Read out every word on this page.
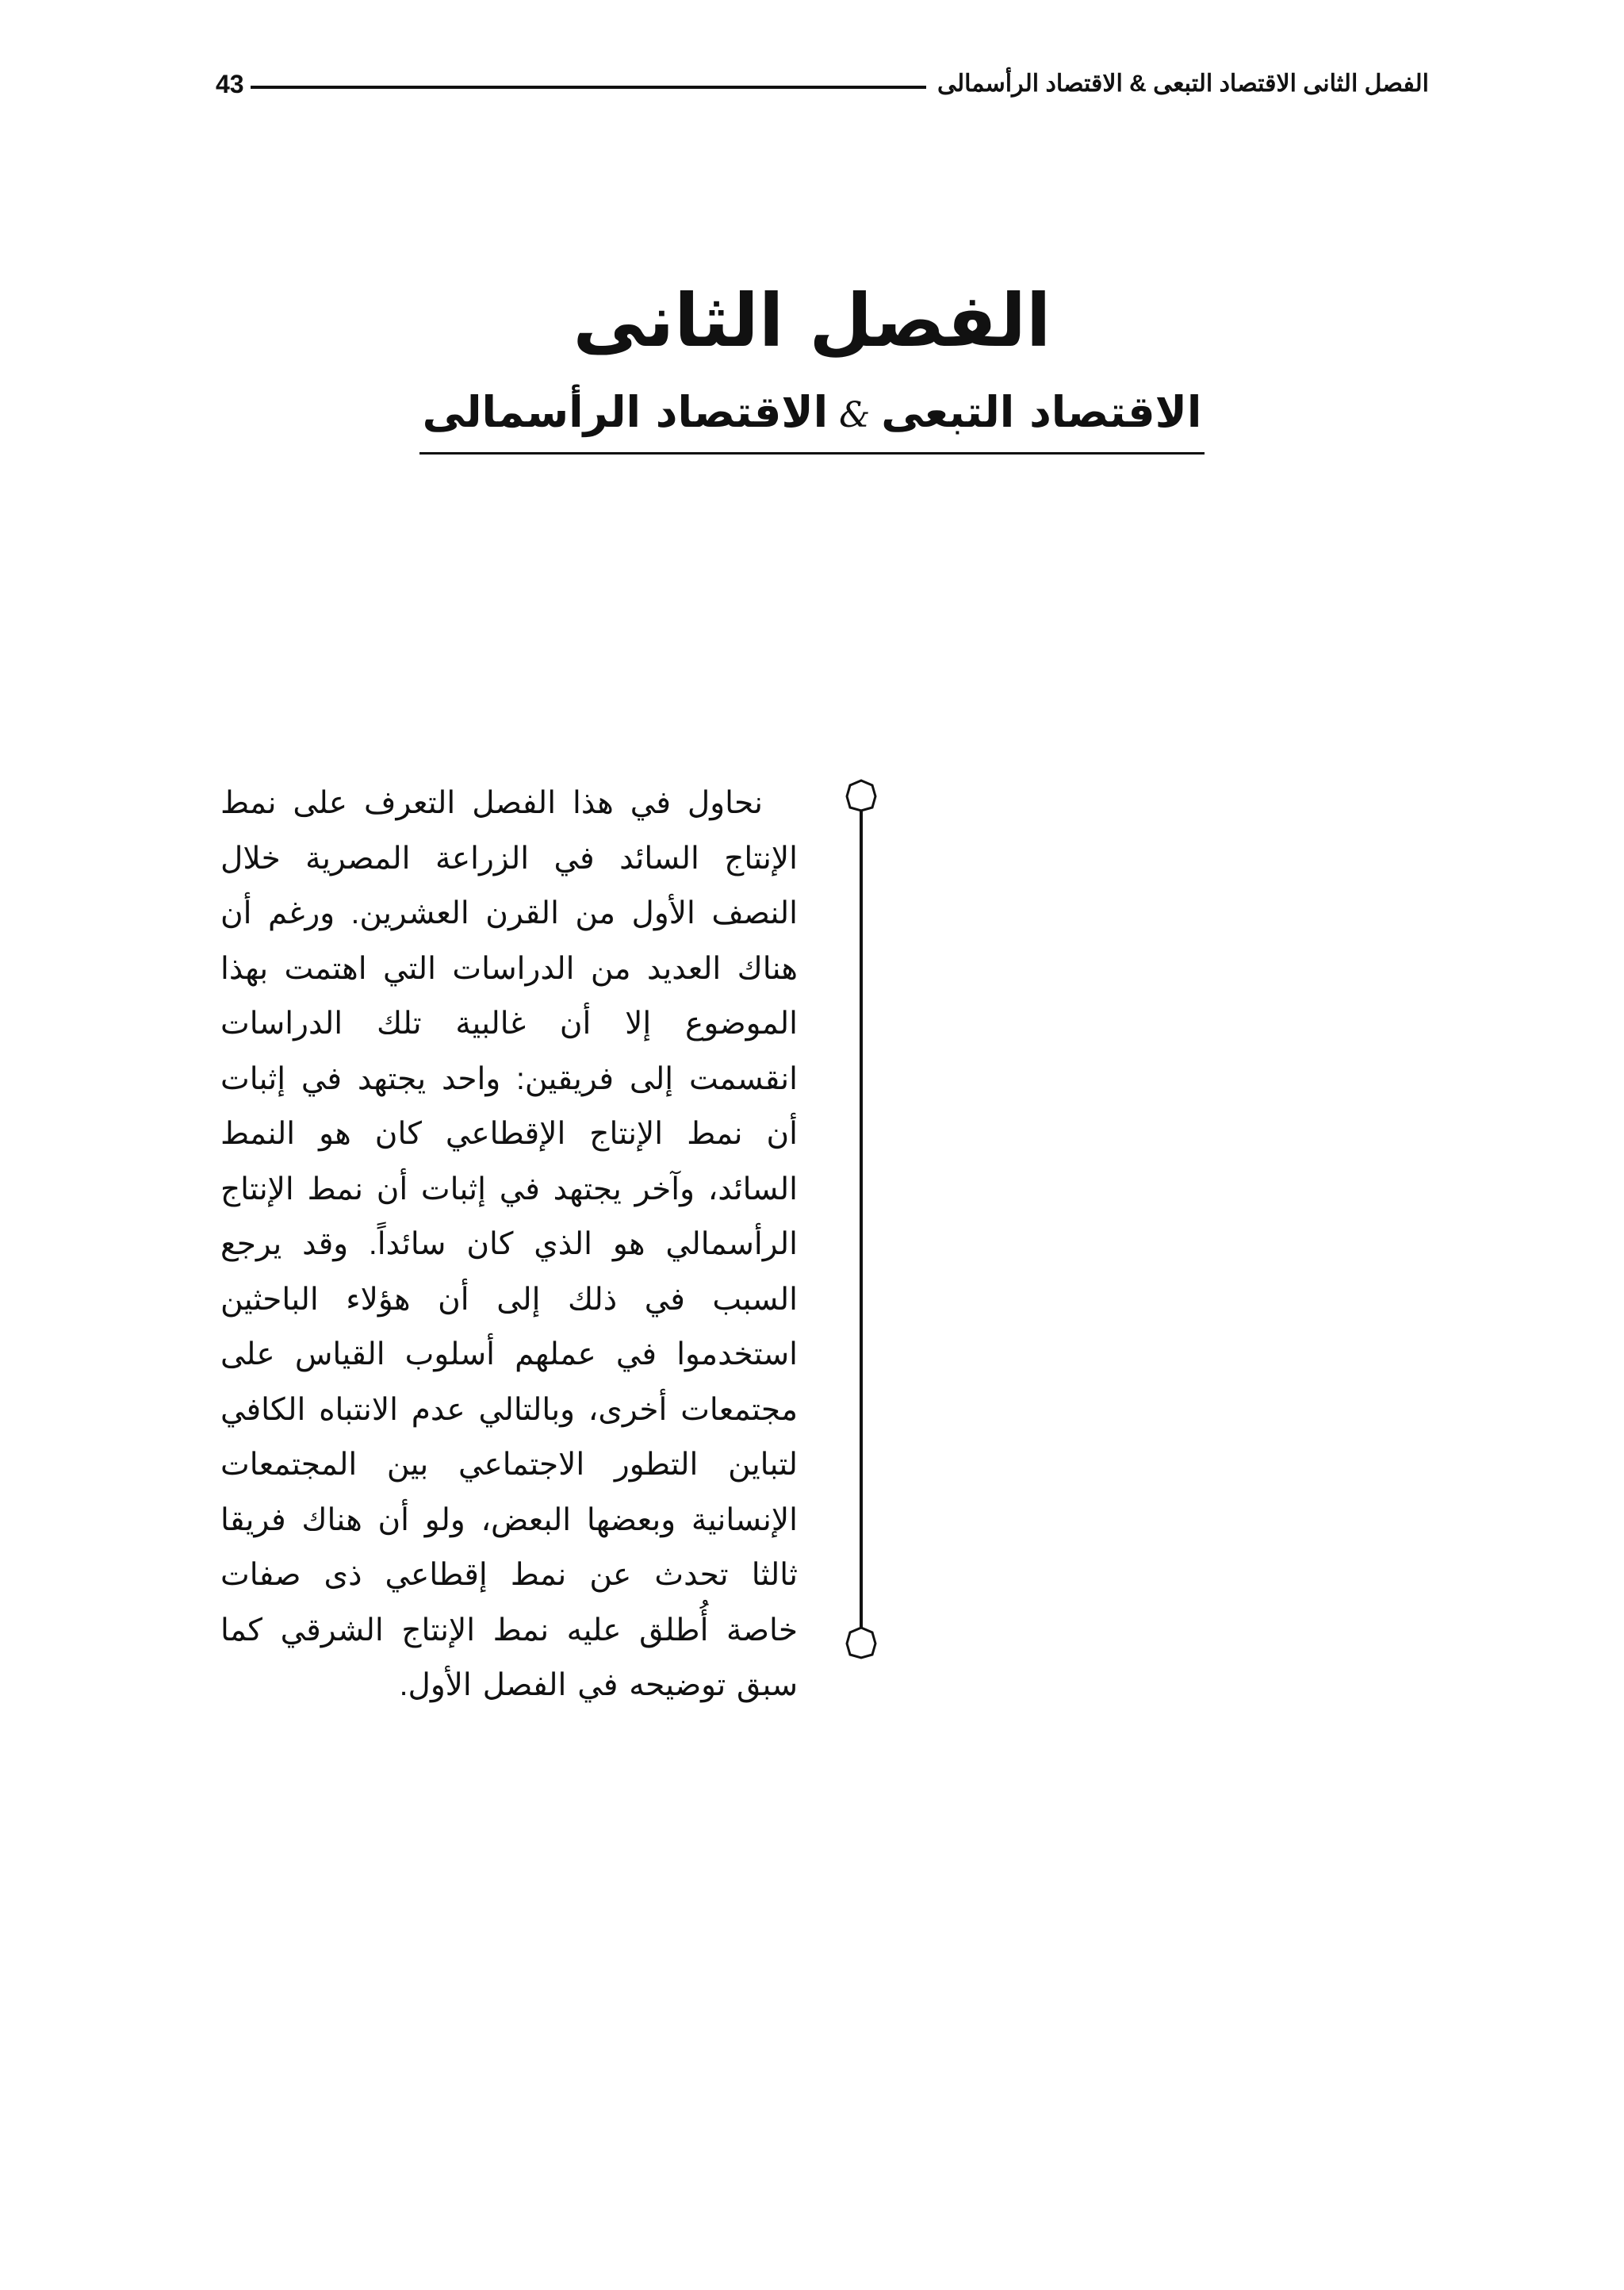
43	الفصل الثانى الاقتصاد التبعى & الاقتصاد الرأسمالى
الفصل الثانى
الاقتصاد التبعى&الاقتصاد الرأسمالى
نحاول في هذا الفصل التعرف على نمط الإنتاج السائد في الزراعة المصرية خلال النصف الأول من القرن العشرين. ورغم أن هناك العديد من الدراسات التي اهتمت بهذا الموضوع إلا أن غالبية تلك الدراسات انقسمت إلى فريقين: واحد يجتهد في إثبات أن نمط الإنتاج الإقطاعي كان هو النمط السائد، وآخر يجتهد في إثبات أن نمط الإنتاج الرأسمالي هو الذي كان سائداً. وقد يرجع السبب في ذلك إلى أن هؤلاء الباحثين استخدموا في عملهم أسلوب القياس على مجتمعات أخرى، وبالتالي عدم الانتباه الكافي لتباين التطور الاجتماعي بين المجتمعات الإنسانية وبعضها البعض، ولو أن هناك فريقا ثالثا تحدث عن نمط إقطاعي ذى صفات خاصة أُطلق عليه نمط الإنتاج الشرقي كما سبق توضيحه في الفصل الأول.
